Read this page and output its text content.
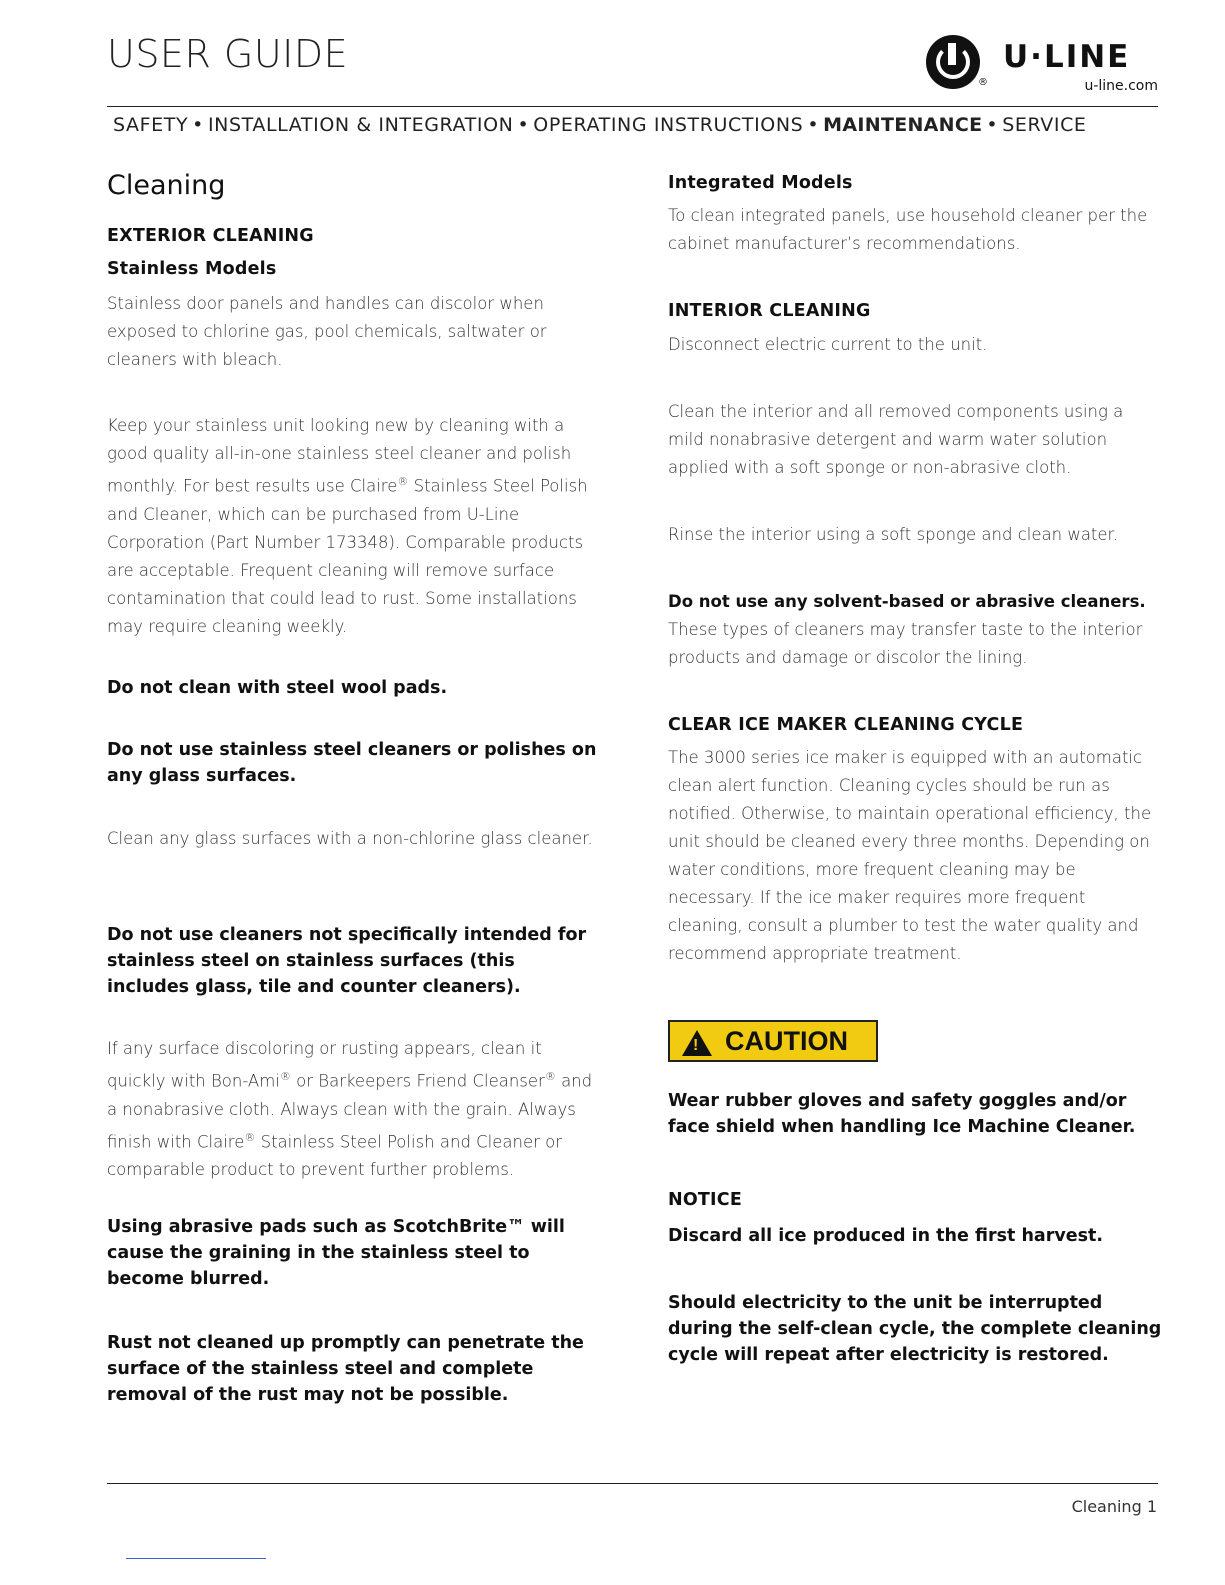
USER GUIDE
®
U·LINE
u-line.com
SAFETY • INSTALLATION & INTEGRATION • OPERATING INSTRUCTIONS • MAINTENANCE • SERVICE
Cleaning
EXTERIOR CLEANING
Stainless Models
Stainless door panels and handles can discolor when exposed to chlorine gas, pool chemicals, saltwater or cleaners with bleach.
Keep your stainless unit looking new by cleaning with a good quality all-in-one stainless steel cleaner and polish monthly. For best results use Claire® Stainless Steel Polish and Cleaner, which can be purchased from U-Line Corporation (Part Number 173348). Comparable products are acceptable. Frequent cleaning will remove surface contamination that could lead to rust. Some installations may require cleaning weekly.
Do not clean with steel wool pads.
Do not use stainless steel cleaners or polishes on any glass surfaces.
Clean any glass surfaces with a non-chlorine glass cleaner.
Do not use cleaners not specifically intended for stainless steel on stainless surfaces (this includes glass, tile and counter cleaners).
If any surface discoloring or rusting appears, clean it quickly with Bon-Ami® or Barkeepers Friend Cleanser® and a nonabrasive cloth. Always clean with the grain. Always finish with Claire® Stainless Steel Polish and Cleaner or comparable product to prevent further problems.
Using abrasive pads such as ScotchBrite™ will cause the graining in the stainless steel to become blurred.
Rust not cleaned up promptly can penetrate the surface of the stainless steel and complete removal of the rust may not be possible.
Integrated Models
To clean integrated panels, use household cleaner per the cabinet manufacturer’s recommendations.
INTERIOR CLEANING
Disconnect electric current to the unit.
Clean the interior and all removed components using a mild nonabrasive detergent and warm water solution applied with a soft sponge or non-abrasive cloth.
Rinse the interior using a soft sponge and clean water.
Do not use any solvent-based or abrasive cleaners. These types of cleaners may transfer taste to the interior products and damage or discolor the lining.
CLEAR ICE MAKER CLEANING CYCLE
The 3000 series ice maker is equipped with an automatic clean alert function. Cleaning cycles should be run as notified. Otherwise, to maintain operational efficiency, the unit should be cleaned every three months. Depending on water conditions, more frequent cleaning may be necessary. If the ice maker requires more frequent cleaning, consult a plumber to test the water quality and recommend appropriate treatment.
Wear rubber gloves and safety goggles and/or face shield when handling Ice Machine Cleaner.
NOTICE
Discard all ice produced in the first harvest.
Should electricity to the unit be interrupted during the self-clean cycle, the complete cleaning cycle will repeat after electricity is restored.
! CAUTION
Cleaning 1
